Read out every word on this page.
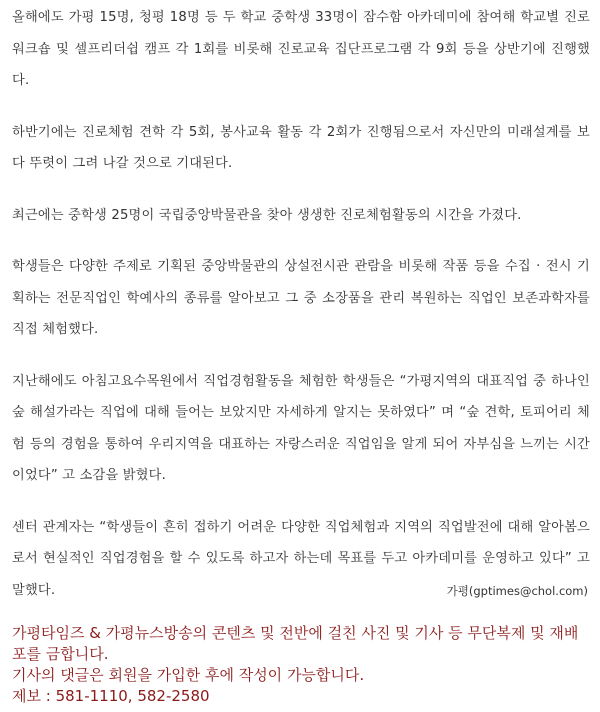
올해에도 가평 15명, 청평 18명 등 두 학교 중학생 33명이 잠수함 아카데미에 참여해 학교별 진로워크숍 및 셀프리더쉽 캠프 각 1회를 비롯해 진로교육 집단프로그램 각 9회 등을 상반기에 진행했다.

하반기에는 진로체험 견학 각 5회, 봉사교육 활동 각 2회가 진행됨으로서 자신만의 미래설계를 보다 뚜렷이 그려 나갈 것으로 기대된다.

최근에는 중학생 25명이 국립중앙박물관을 찾아 생생한 진로체험활동의 시간을 가졌다.

학생들은 다양한 주제로 기획된 중앙박물관의 상설전시관 관람을 비롯해 작품 등을 수집 · 전시 기획하는 전문직업인 학예사의 종류를 알아보고 그 중 소장품을 관리 복원하는 직업인 보존과학자를 직접 체험했다.

지난해에도 아침고요수목원에서 직업경험활동을 체험한 학생들은 “가평지역의 대표직업 중 하나인 숲 해설가라는 직업에 대해 들어는 보았지만 자세하게 알지는 못하였다” 며 “숲 견학, 토피어리 체험 등의 경험을 통하여 우리지역을 대표하는 자랑스러운 직업임을 알게 되어 자부심을 느끼는 시간이었다” 고 소감을 밝혔다.

센터 관계자는 “학생들이 흔히 접하기 어려운 다양한 직업체험과 지역의 직업발전에 대해 알아봄으로서 현실적인 직업경험을 할 수 있도록 하고자 하는데 목표를 두고 아카데미를 운영하고 있다” 고 말했다.	가평(gptimes@chol.com)
가평타임즈 & 가평뉴스방송의 콘텐츠 및 전반에 걸친 사진 및 기사 등 무단복제 및 재배포를 금합니다.
기사의 댓글은 회원을 가입한 후에 작성이 가능합니다.
제보 : 581-1110, 582-2580
